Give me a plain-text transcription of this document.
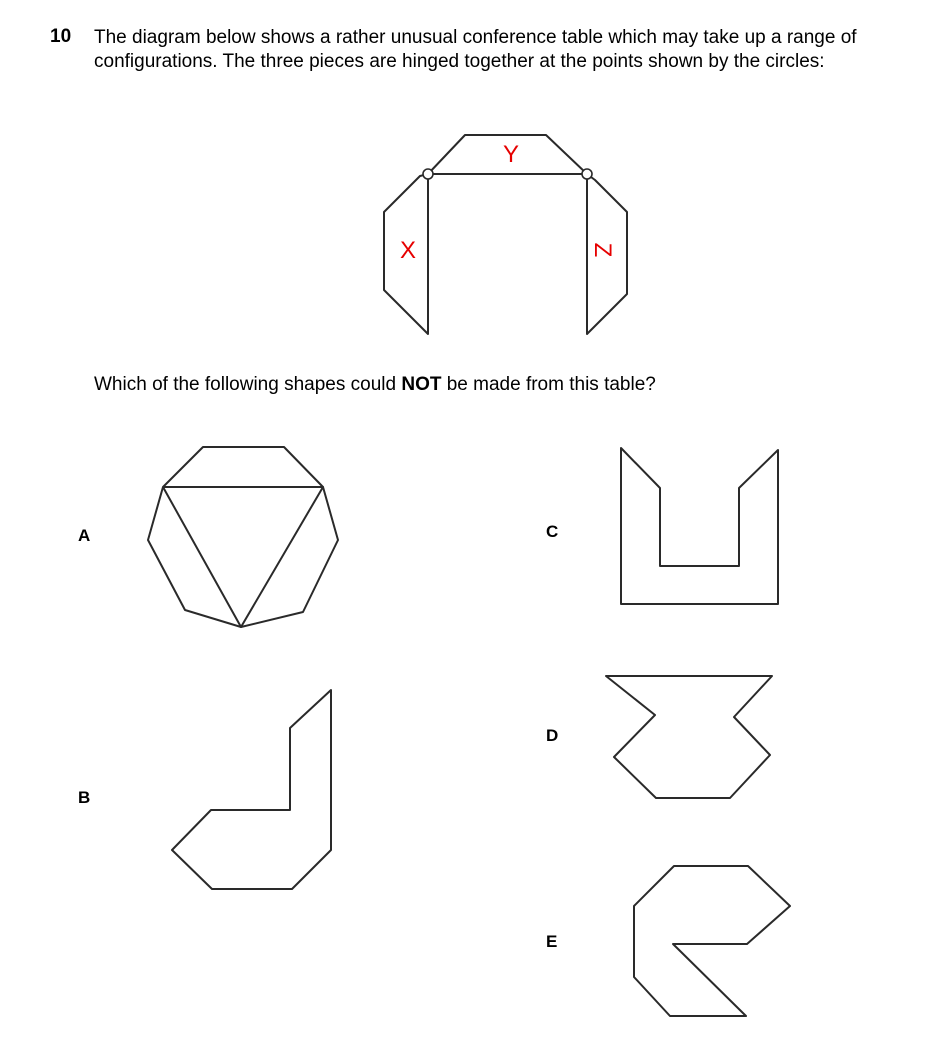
10 The diagram below shows a rather unusual conference table which may take up a range of configurations. The three pieces are hinged together at the points shown by the circles:
Y
X	Z
Which of the following shapes could NOT be made from this table?
A
B
C
D
E
